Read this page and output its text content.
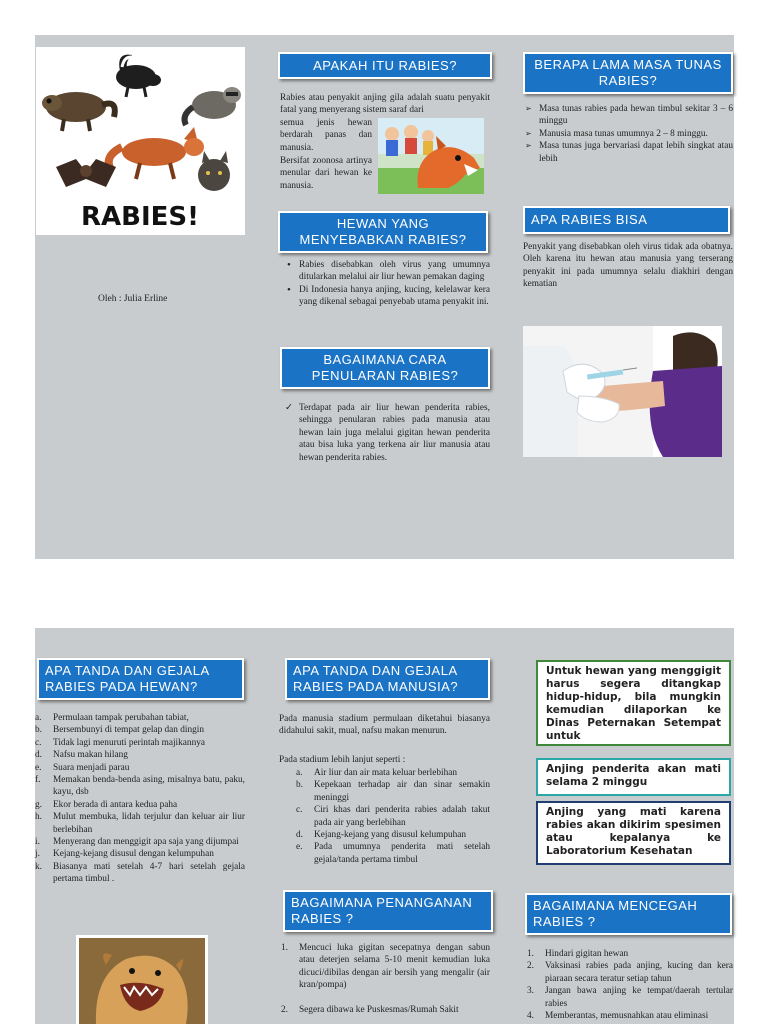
RABIES!
Oleh : Julia Erline
APAKAH ITU RABIES?
Rabies atau penyakit anjing gila adalah suatu penyakit fatal yang menyerang sistem saraf dari
semua jenis hewan berdarah panas dan manusia.
Bersifat zoonosa artinya menular dari hewan ke manusia.
HEWAN YANG MENYEBABKAN RABIES?
• Rabies disebabkan oleh virus yang umumnya ditularkan melalui air liur hewan pemakan daging
• Di Indonesia hanya anjing, kucing, kelelawar kera yang dikenal sebagai penyebab utama penyakit ini.
BAGAIMANA CARA PENULARAN RABIES?
✓ Terdapat pada air liur hewan penderita rabies, sehingga penularan rabies pada manusia atau hewan lain juga melalui gigitan hewan penderita atau bisa luka yang terkena air liur manusia atau hewan penderita rabies.
BERAPA LAMA MASA TUNAS RABIES?
➢ Masa tunas rabies pada hewan timbul sekitar 3 – 6 minggu
➢ Manusia masa tunas umumnya 2 – 8 minggu.
➢ Masa tunas juga bervariasi dapat lebih singkat atau lebih
APA RABIES BISA
Penyakit yang disebabkan oleh virus tidak ada obatnya. Oleh karena itu hewan atau manusia yang terserang penyakit ini pada umumnya selalu diakhiri dengan kematian
APA TANDA DAN GEJALA RABIES PADA HEWAN?
a. Permulaan tampak perubahan tabiat,
b. Bersembunyi di tempat gelap dan dingin
c. Tidak lagi menuruti perintah majikannya
d. Nafsu makan hilang
e. Suara menjadi parau
f. Memakan benda-benda asing, misalnya batu, paku, kayu, dsb
g. Ekor berada di antara kedua paha
h. Mulut membuka, lidah terjulur dan keluar air liur berlebihan
i. Menyerang dan menggigit apa saja yang dijumpai
j. Kejang-kejang disusul dengan kelumpuhan
k. Biasanya mati setelah 4-7 hari setelah gejala pertama timbul .
APA TANDA DAN GEJALA RABIES PADA MANUSIA?
Pada manusia stadium permulaan diketahui biasanya didahului sakit, mual, nafsu makan menurun.
Pada stadium lebih lanjut seperti :
a. Air liur dan air mata keluar berlebihan
b. Kepekaan terhadap air dan sinar semakin meninggi
c. Ciri khas dari penderita rabies adalah takut pada air yang berlebihan
d. Kejang-kejang yang disusul kelumpuhan
e. Pada umumnya penderita mati setelah gejala/tanda pertama timbul
BAGAIMANA PENANGANAN RABIES ?
1. Mencuci luka gigitan secepatnya dengan sabun atau deterjen selama 5-10 menit kemudian luka dicuci/dibilas dengan air bersih yang mengalir (air kran/pompa)
2. Segera dibawa ke Puskesmas/Rumah Sakit
Untuk hewan yang menggigit harus segera ditangkap hidup-hidup, bila mungkin kemudian dilaporkan ke Dinas Peternakan Setempat untuk
Anjing penderita akan mati selama 2 minggu
Anjing yang mati karena rabies akan dikirim spesimen atau kepalanya ke Laboratorium Kesehatan
BAGAIMANA MENCEGAH RABIES ?
1. Hindari gigitan hewan
2. Vaksinasi rabies pada anjing, kucing dan kera piaraan secara teratur setiap tahun
3. Jangan bawa anjing ke tempat/daerah tertular rabies
4. Memberantas, memusnahkan atau eliminasi
